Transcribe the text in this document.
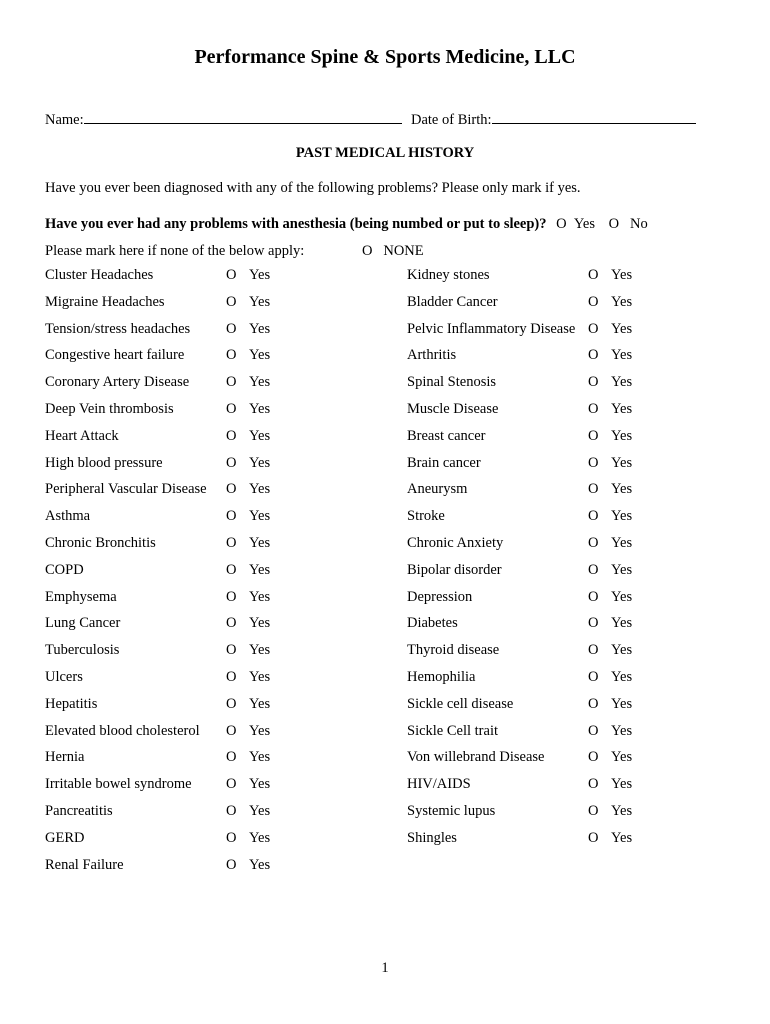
Performance Spine & Sports Medicine, LLC
Name:	Date of Birth:
PAST MEDICAL HISTORY
Have you ever been diagnosed with any of the following problems? Please only mark if yes.
Have you ever had any problems with anesthesia (being numbed or put to sleep)? O Yes O No
Please mark here if none of the below apply:	O NONE
Cluster Headaches	O Yes	Kidney stones	O Yes
Migraine Headaches	O Yes	Bladder Cancer	O Yes
Tension/stress headaches O Yes	Pelvic Inflammatory Disease O Yes
Congestive heart failure	O Yes	Arthritis	O Yes
Coronary Artery Disease	O Yes	Spinal Stenosis	O Yes
Deep Vein thrombosis	O Yes	Muscle Disease	O Yes
Heart Attack	O Yes	Breast cancer	O Yes
High blood pressure	O Yes	Brain cancer	O Yes
Peripheral Vascular Disease O Yes	Aneurysm	O Yes
Asthma	O Yes	Stroke	O Yes
Chronic Bronchitis	O Yes	Chronic Anxiety	O Yes
COPD	O Yes	Bipolar disorder	O Yes
Emphysema	O Yes	Depression	O Yes
Lung Cancer	O Yes	Diabetes	O Yes
Tuberculosis	O Yes	Thyroid disease	O Yes
Ulcers	O Yes	Hemophilia	O Yes
Hepatitis	O Yes	Sickle cell disease	O Yes
Elevated blood cholesterol O Yes	Sickle Cell trait	O Yes
Hernia	O Yes	Von willebrand Disease	O Yes
Irritable bowel syndrome O Yes	HIV/AIDS	O Yes
Pancreatitis	O Yes	Systemic lupus	O Yes
GERD	O Yes	Shingles	O Yes
Renal Failure	O Yes
1
